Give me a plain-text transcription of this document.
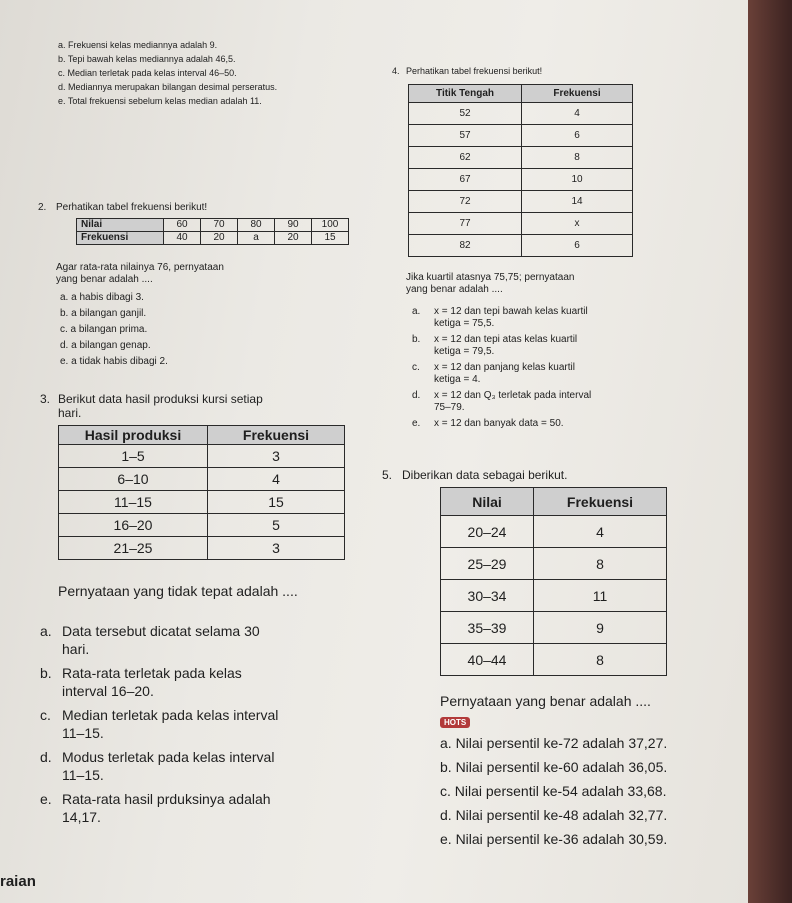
a. Frekuensi kelas mediannya adalah 9.
b. Tepi bawah kelas mediannya adalah 46,5.
c. Median terletak pada kelas interval 46–50.
d. Mediannya merupakan bilangan desimal perseratus.
e. Total frekuensi sebelum kelas median adalah 11.
2. Perhatikan tabel frekuensi berikut!
Nilai	60	70	80	90	100
Frekuensi	40	20	a	20	15
Agar rata-rata nilainya 76, pernyataan
yang benar adalah ....
a. a habis dibagi 3.
b. a bilangan ganjil.
c. a bilangan prima.
d. a bilangan genap.
e. a tidak habis dibagi 2.
3. Berikut data hasil produksi kursi setiap
hari.
Hasil produksi	Frekuensi
1–5	3
6–10	4
11–15	15
16–20	5
21–25	3
Pernyataan yang tidak tepat adalah ....
a. Data tersebut dicatat selama 30
hari.
b. Rata-rata terletak pada kelas
interval 16–20.
c. Median terletak pada kelas interval
11–15.
d. Modus terletak pada kelas interval
11–15.
e. Rata-rata hasil prduksinya adalah
14,17.
4. Perhatikan tabel frekuensi berikut!
Titik Tengah	Frekuensi
52	4
57	6
62	8
67	10
72	14
77	x
82	6
Jika kuartil atasnya 75,75; pernyataan
yang benar adalah ....
a.	x = 12 dan tepi bawah kelas kuartil
ketiga = 75,5.
b.	x = 12 dan tepi atas kelas kuartil
ketiga = 79,5.
c.	x = 12 dan panjang kelas kuartil
ketiga = 4.
d.	x = 12 dan Q₃ terletak pada interval
75–79.
e.	x = 12 dan banyak data = 50.
5. Diberikan data sebagai berikut.
Nilai	Frekuensi
20–24	4
25–29	8
30–34	11
35–39	9
40–44	8
Pernyataan yang benar adalah ....
HOTS
a. Nilai persentil ke-72 adalah 37,27.
b. Nilai persentil ke-60 adalah 36,05.
c. Nilai persentil ke-54 adalah 33,68.
d. Nilai persentil ke-48 adalah 32,77.
e. Nilai persentil ke-36 adalah 30,59.
raian
